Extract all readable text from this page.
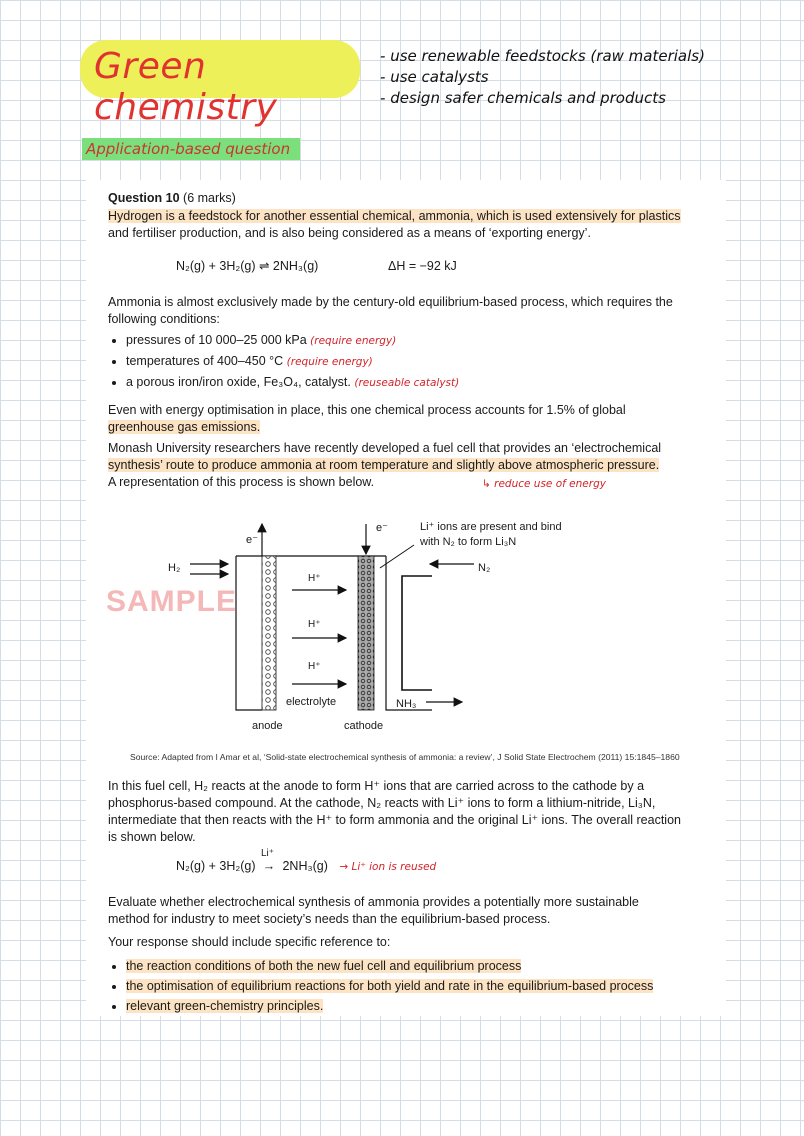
Green chemistry
- use renewable feedstocks (raw materials)
- use catalysts
- design safer chemicals and products
Application-based question
Question 10 (6 marks)
Hydrogen is a feedstock for another essential chemical, ammonia, which is used extensively for plastics
and fertiliser production, and is also being considered as a means of ‘exporting energy’.
N₂(g) + 3H₂(g) ⇌ 2NH₃(g)	ΔH = −92 kJ
Ammonia is almost exclusively made by the century-old equilibrium-based process, which requires the
following conditions:
• pressures of 10 000–25 000 kPa (require energy)
• temperatures of 400–450 °C (require energy)
• a porous iron/iron oxide, Fe₃O₄, catalyst. (reuseable catalyst)
Even with energy optimisation in place, this one chemical process accounts for 1.5% of global
greenhouse gas emissions.
Monash University researchers have recently developed a fuel cell that provides an ‘electrochemical
synthesis’ route to produce ammonia at room temperature and slightly above atmospheric pressure.
A representation of this process is shown below.	↳ reduce use of energy
e⁻
e⁻	Li⁺ ions are present and bind
with N₂ to form Li₃N
H₂	N₂
H⁺
H⁺
H⁺
electrolyte	NH₃
anode	cathode
SAMPLE
Source: Adapted from I Amar et al, ‘Solid-state electrochemical synthesis of ammonia: a review’, J Solid State Electrochem (2011) 15:1845–1860
In this fuel cell, H₂ reacts at the anode to form H⁺ ions that are carried across to the cathode by a
phosphorus-based compound. At the cathode, N₂ reacts with Li⁺ ions to form a lithium-nitride, Li₃N,
intermediate that then reacts with the H⁺ to form ammonia and the original Li⁺ ions. The overall reaction
is shown below.
N₂(g) + 3H₂(g)
Li⁺
→ 2NH₃(g) → Li⁺ ion is reused
Evaluate whether electrochemical synthesis of ammonia provides a potentially more sustainable
method for industry to meet society’s needs than the equilibrium-based process.
Your response should include specific reference to:
• the reaction conditions of both the new fuel cell and equilibrium process
• the optimisation of equilibrium reactions for both yield and rate in the equilibrium-based process
• relevant green-chemistry principles.
